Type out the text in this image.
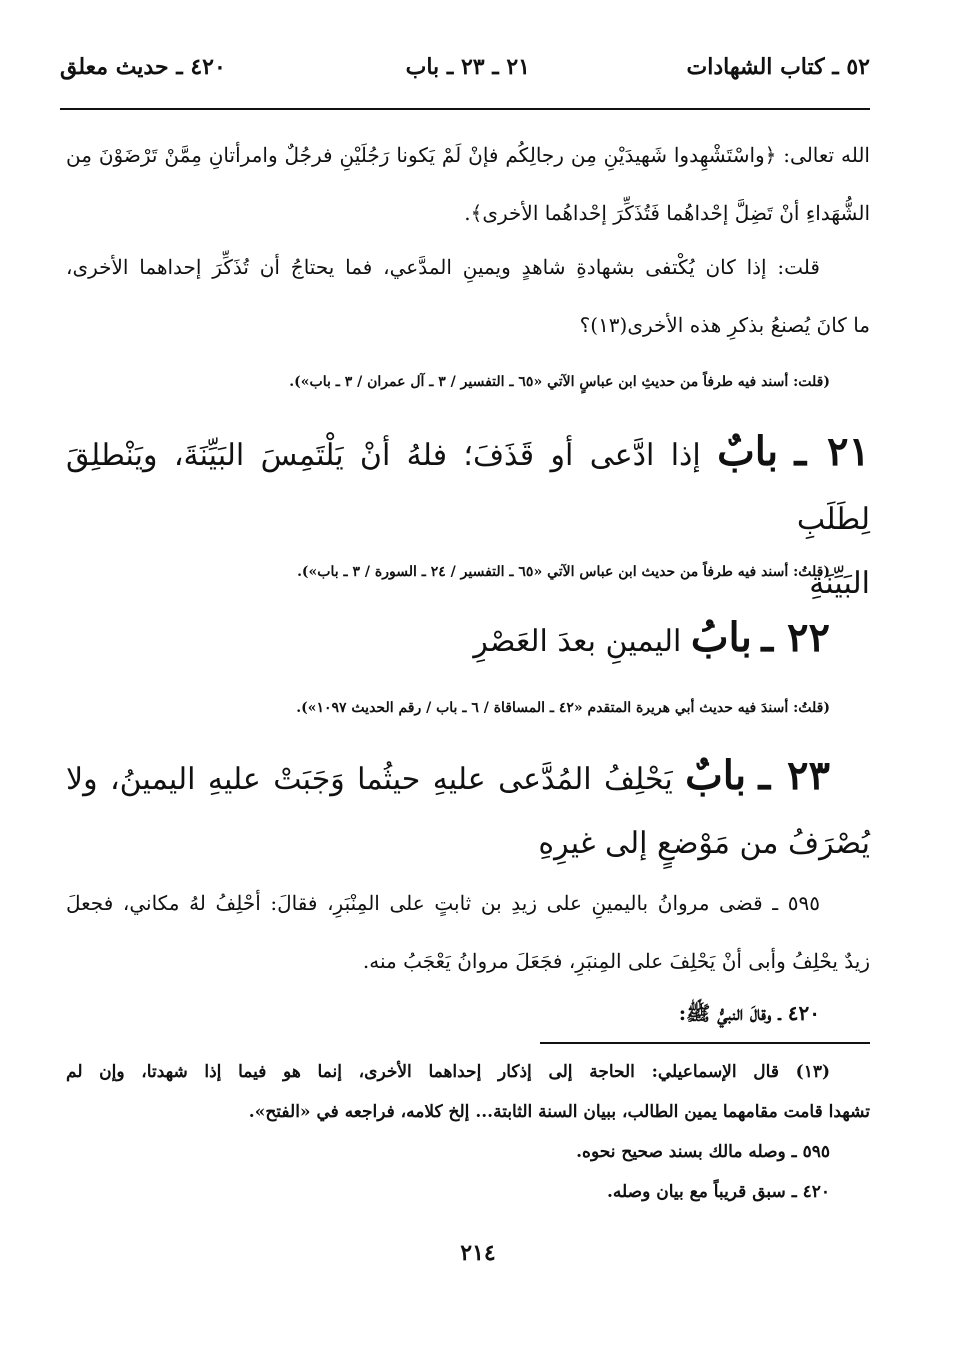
٥٢ ـ كتاب الشهادات
٢١ ـ ٢٣ ـ باب
٤٢٠ ـ حديث معلق
الله تعالى: ﴿واسْتَشْهِدوا شَهيدَيْنِ مِن رجالِكُم فإنْ لَمْ يَكونا رَجُلَيْنِ فرجُلٌ وامرأتانِ مِمَّنْ تَرْضَوْنَ مِن
الشُّهَداءِ أنْ تَضِلَّ إحْداهُما فَتُذَكِّرَ إحْداهُما الأخرى﴾.
قلت: إذا كان يُكْتفى بشهادةِ شاهدٍ ويمينِ المدَّعي، فما يحتاجُ أن تُذَكِّرَ إحداهما الأخرى،
ما كانَ يُصنعُ بذكرِ هذه الأخرى(١٣)؟
(قلت: أسند فيه طرفاً من حديثِ ابن عباسٍ الآتي «٦٥ ـ التفسير / ٣ ـ آل عمران / ٣ ـ باب»).
٢١ ـ بابٌ إذا ادَّعى أو قَذَفَ؛ فلهُ أنْ يَلْتَمِسَ البَيِّنَةَ، ويَنْطلِقَ لِطَلَبِ
البَيِّنَةِ
(قلتُ: أسند فيه طرفاً من حديث ابن عباس الآتي «٦٥ ـ التفسير / ٢٤ ـ السورة / ٣ ـ باب»).
٢٢ ـ بابُ اليمينِ بعدَ العَصْرِ
(قلتُ: أسندَ فيه حديث أبي هريرة المتقدم «٤٢ ـ المساقاة / ٦ ـ باب / رقم الحديث ١٠٩٧»).
٢٣ ـ بابٌ يَحْلِفُ المُدَّعى عليهِ حيثُما وَجَبَتْ عليهِ اليمينُ، ولا
يُصْرَفُ من مَوْضعٍ إلى غيرِهِ
٥٩٥ ـ قضى مروانُ باليمينِ على زيدِ بن ثابتٍ على المِنْبَرِ، فقالَ: أحْلِفُ لهُ مكاني، فجعلَ
زيدٌ يحْلِفُ وأبى أنْ يَحْلِفَ على المِنبَرِ، فجَعَلَ مروانُ يَعْجَبُ منه.
٤٢٠ ـ وقالَ النبيُّ ﷺ:
(١٣) قال الإسماعيلي: الحاجة إلى إذكار إحداهما الأخرى، إنما هو فيما إذا شهدتا، وإن لم
تشهدا قامت مقامهما يمين الطالب، ببيان السنة الثابتة... إلخ كلامه، فراجعه في «الفتح».
٥٩٥ ـ وصله مالك بسند صحيح نحوه.
٤٢٠ ـ سبق قريباً مع بيان وصله.
٢١٤
